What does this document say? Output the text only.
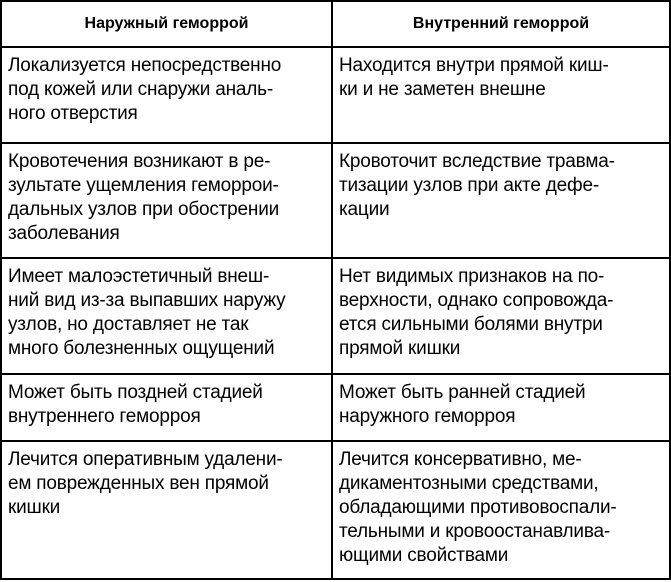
Наружный геморрой	Внутренний геморрой

Локализуется непосредственно
под кожей или снаружи аналь-
ного отверстия	Находится внутри прямой киш-
ки и не заметен внешне

Кровотечения возникают в ре-
зультате ущемления геморрои-
дальных узлов при обострении
заболевания	Кровоточит вследствие травма-
тизации узлов при акте дефе-
кации

Имеет малоэстетичный внеш-
ний вид из-за выпавших наружу
узлов, но доставляет не так
много болезненных ощущений	Нет видимых признаков на по-
верхности, однако сопровожда-
ется сильными болями внутри
прямой кишки

Может быть поздней стадией
внутреннего геморроя	Может быть ранней стадией
наружного геморроя

Лечится оперативным удалени-
ем поврежденных вен прямой
кишки	Лечится консервативно, ме-
дикаментозными средствами,
обладающими противовоспали-
тельными и кровоостанавлива-
ющими свойствами
